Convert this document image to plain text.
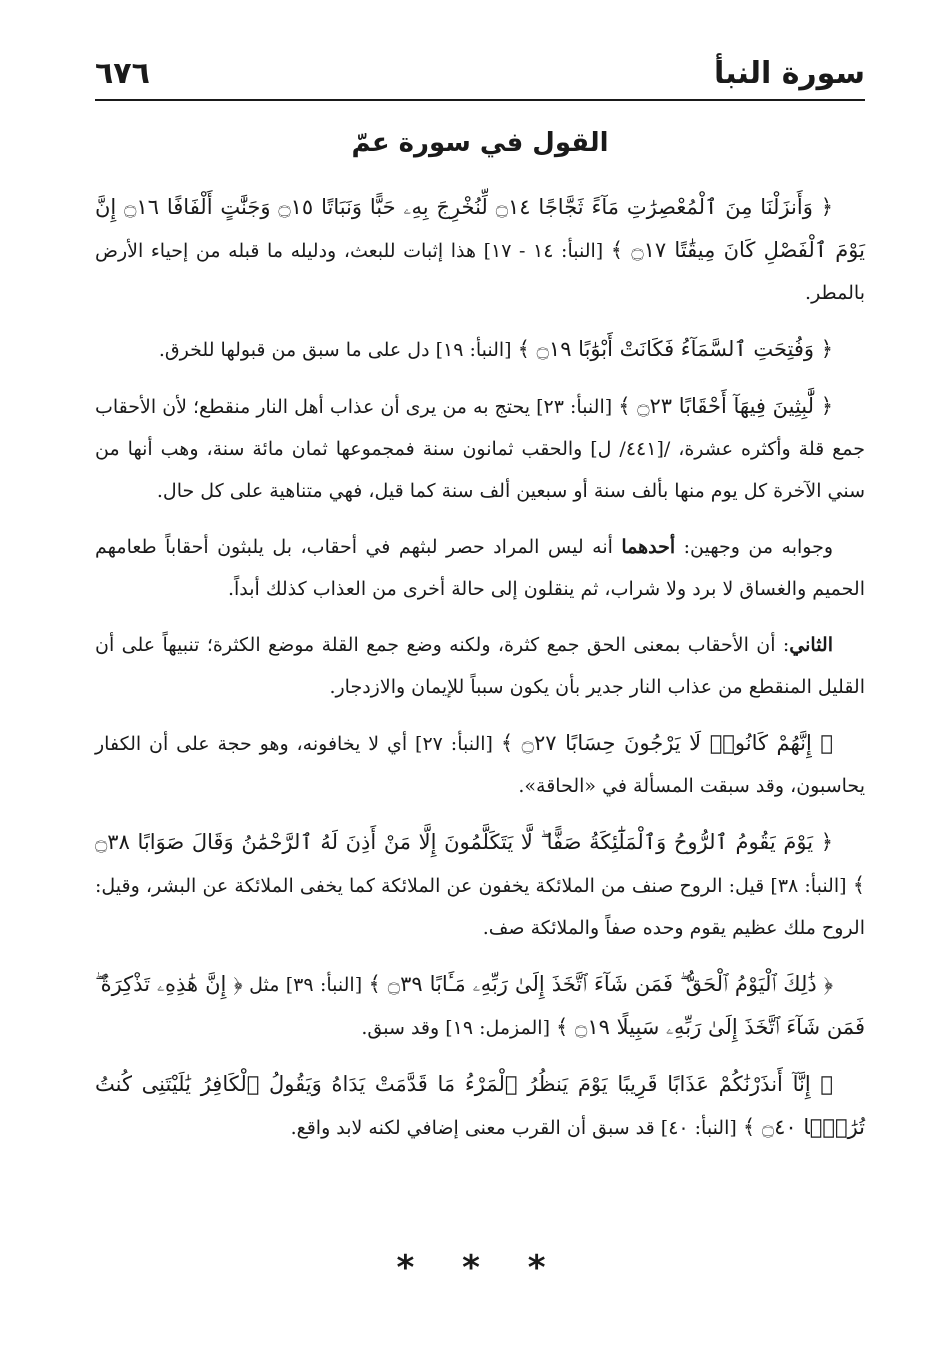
سورة النبأ
٦٧٦
القول في سورة عمّ

﴿ وَأَنزَلْنَا مِنَ ٱلْمُعْصِرَٰتِ مَآءً ثَجَّاجًا ۝١٤ لِّنُخْرِجَ بِهِۦ حَبًّا وَنَبَاتًا ۝١٥ وَجَنَّٰتٍ أَلْفَافًا ۝١٦ إِنَّ يَوْمَ ٱلْفَصْلِ كَانَ مِيقَٰتًا ۝١٧ ﴾ [النبأ: ١٤ - ١٧] هذا إثبات للبعث، ودليله ما قبله من إحياء الأرض بالمطر.

﴿ وَفُتِحَتِ ٱلسَّمَآءُ فَكَانَتْ أَبْوَٰبًا ۝١٩ ﴾ [النبأ: ١٩] دل على ما سبق من قبولها للخرق.

﴿ لَّٰبِثِينَ فِيهَآ أَحْقَابًا ۝٢٣ ﴾ [النبأ: ٢٣] يحتج به من يرى أن عذاب أهل النار منقطع؛ لأن الأحقاب جمع قلة وأكثره عشرة، /[٤٤١/ ل] والحقب ثمانون سنة فمجموعها ثمان مائة سنة، وهب أنها من سني الآخرة كل يوم منها بألف سنة أو سبعين ألف سنة كما قيل، فهي متناهية على كل حال.

وجوابه من وجهين: أحدهما أنه ليس المراد حصر لبثهم في أحقاب، بل يلبثون أحقاباً طعامهم الحميم والغساق لا برد ولا شراب، ثم ينقلون إلى حالة أخرى من العذاب كذلك أبداً.

الثاني: أن الأحقاب بمعنى الحق جمع كثرة، ولكنه وضع جمع القلة موضع الكثرة؛ تنبيهاً على أن القليل المنقطع من عذاب النار جدير بأن يكون سبباً للإيمان والازدجار.

﴿ إِنَّهُمْ كَانُوا۟ لَا يَرْجُونَ حِسَابًا ۝٢٧ ﴾ [النبأ: ٢٧] أي لا يخافونه، وهو حجة على أن الكفار يحاسبون، وقد سبقت المسألة في «الحاقة».

﴿ يَوْمَ يَقُومُ ٱلرُّوحُ وَٱلْمَلَٰٓئِكَةُ صَفًّا ۖ لَّا يَتَكَلَّمُونَ إِلَّا مَنْ أَذِنَ لَهُ ٱلرَّحْمَٰنُ وَقَالَ صَوَابًا ۝٣٨ ﴾ [النبأ: ٣٨] قيل: الروح صنف من الملائكة يخفون عن الملائكة كما يخفى الملائكة عن البشر، وقيل: الروح ملك عظيم يقوم وحده صفاً والملائكة صف.

﴿ ذَٰلِكَ ٱلْيَوْمُ ٱلْحَقُّ ۖ فَمَن شَآءَ ٱتَّخَذَ إِلَىٰ رَبِّهِۦ مَـَٔابًا ۝٣٩ ﴾ [النبأ: ٣٩] مثل ﴿ إِنَّ هَٰذِهِۦ تَذْكِرَةٌ ۖ فَمَن شَآءَ ٱتَّخَذَ إِلَىٰ رَبِّهِۦ سَبِيلًا ۝١٩ ﴾ [المزمل: ١٩] وقد سبق.

﴿ إِنَّآ أَنذَرْنَٰكُمْ عَذَابًا قَرِيبًا يَوْمَ يَنظُرُ ٱلْمَرْءُ مَا قَدَّمَتْ يَدَاهُ وَيَقُولُ ٱلْكَافِرُ يَٰلَيْتَنِى كُنتُ تُرَٰبًۢا ۝٤٠ ﴾ [النبأ: ٤٠] قد سبق أن القرب معنى إضافي لكنه لابد واقع.

* * *
